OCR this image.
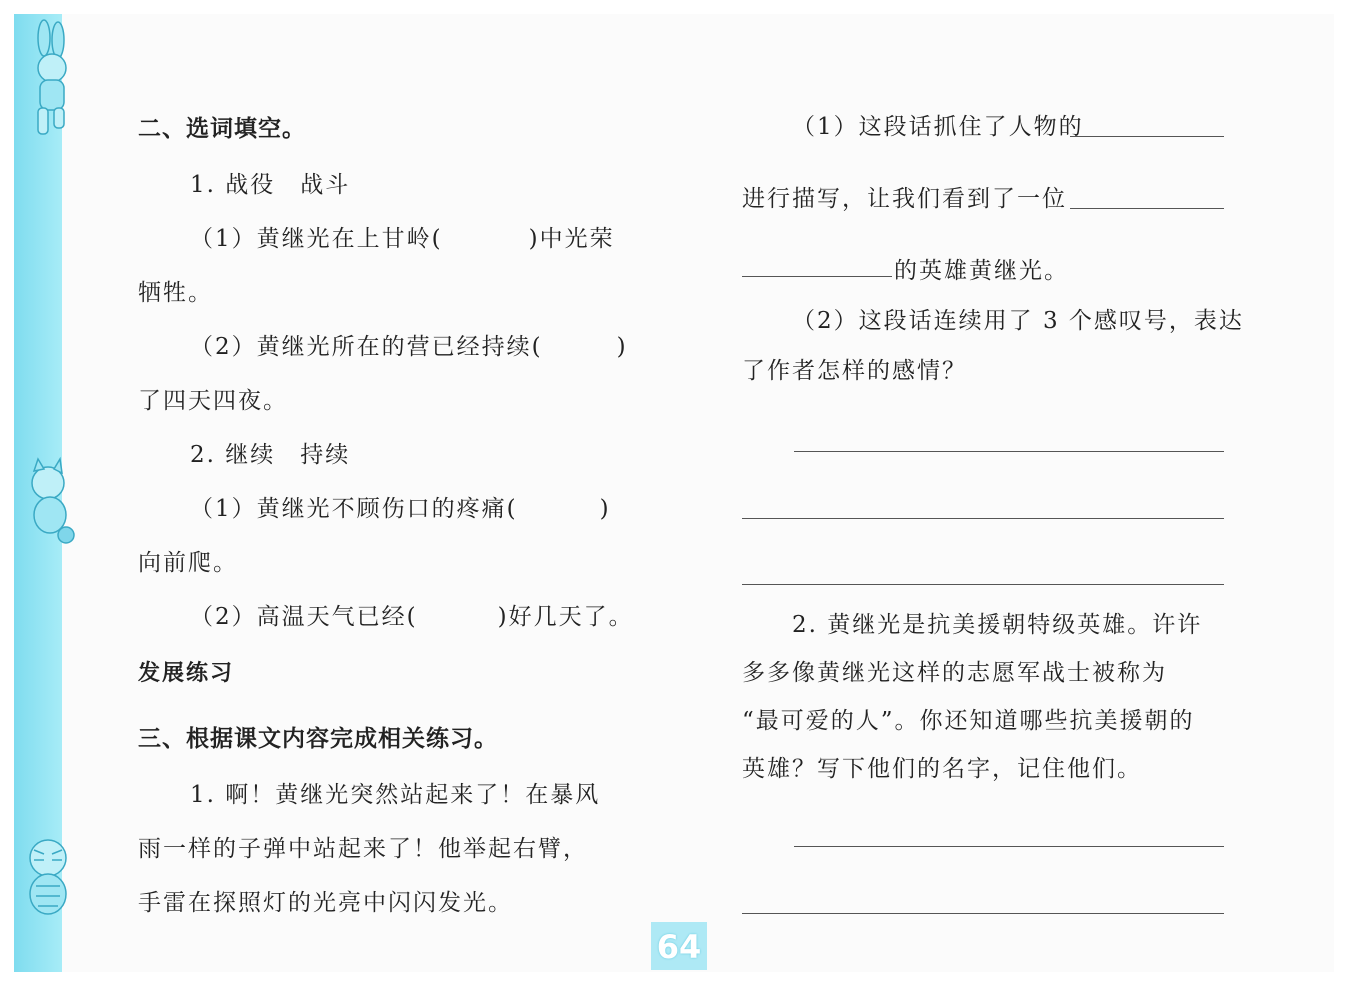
二、选词填空。
1. 战役　战斗
（1）黄继光在上甘岭(	)中光荣
牺牲。
（2）黄继光所在的营已经持续(	)
了四天四夜。
2. 继续　持续
（1）黄继光不顾伤口的疼痛(	)
向前爬。
（2）高温天气已经(	)好几天了。
发展练习
三、根据课文内容完成相关练习。
1. 啊！黄继光突然站起来了！在暴风
雨一样的子弹中站起来了！他举起右臂，
手雷在探照灯的光亮中闪闪发光。
（1）这段话抓住了人物的
进行描写，让我们看到了一位
的英雄黄继光。
（2）这段话连续用了 3 个感叹号，表达
了作者怎样的感情？
2. 黄继光是抗美援朝特级英雄。许许
多多像黄继光这样的志愿军战士被称为
“最可爱的人”。你还知道哪些抗美援朝的
英雄？写下他们的名字，记住他们。
64
